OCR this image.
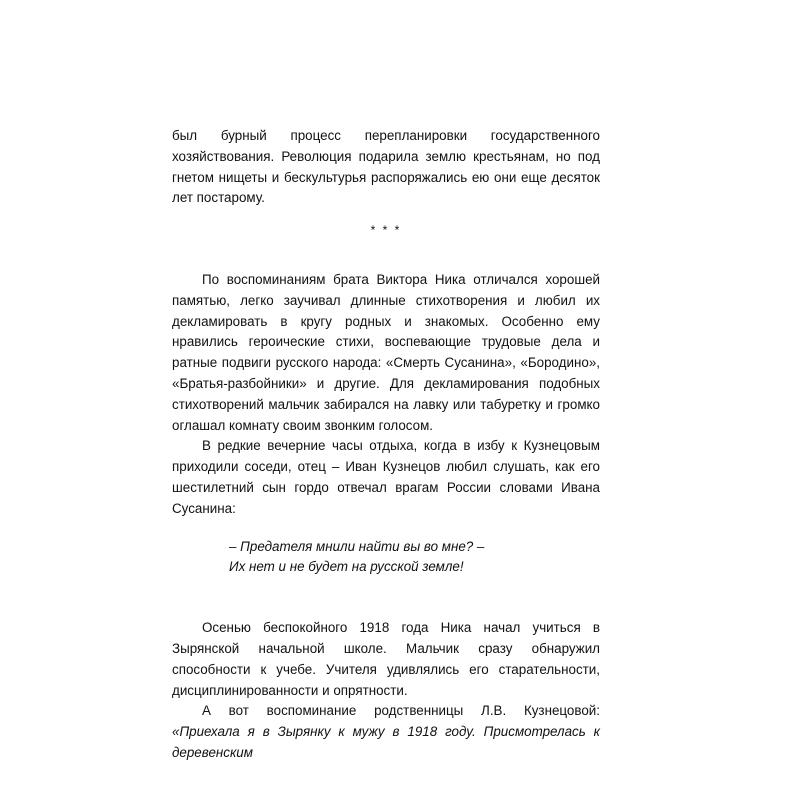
был бурный процесс перепланировки государственного хозяйствования. Революция подарила землю крестьянам, но под гнетом нищеты и бескультурья распоряжались ею они еще десяток лет постарому.

* * *

По воспоминаниям брата Виктора Ника отличался хорошей памятью, легко заучивал длинные стихотворения и любил их декламировать в кругу родных и знакомых. Особенно ему нравились героические стихи, воспевающие трудовые дела и ратные подвиги русского народа: «Смерть Сусанина», «Бородино», «Братья-разбойники» и другие. Для декламирования подобных стихотворений мальчик забирался на лавку или табуретку и громко оглашал комнату своим звонким голосом.

В редкие вечерние часы отдыха, когда в избу к Кузнецовым приходили соседи, отец – Иван Кузнецов любил слушать, как его шестилетний сын гордо отвечал врагам России словами Ивана Сусанина:

– Предателя мнили найти вы во мне? –
Их нет и не будет на русской земле!

Осенью беспокойного 1918 года Ника начал учиться в Зырянской начальной школе. Мальчик сразу обнаружил способности к учебе. Учителя удивлялись его старательности, дисциплинированности и опрятности.

А вот воспоминание родственницы Л.В. Кузнецовой: «Приехала я в Зырянку к мужу в 1918 году. Присмотрелась к деревенским
